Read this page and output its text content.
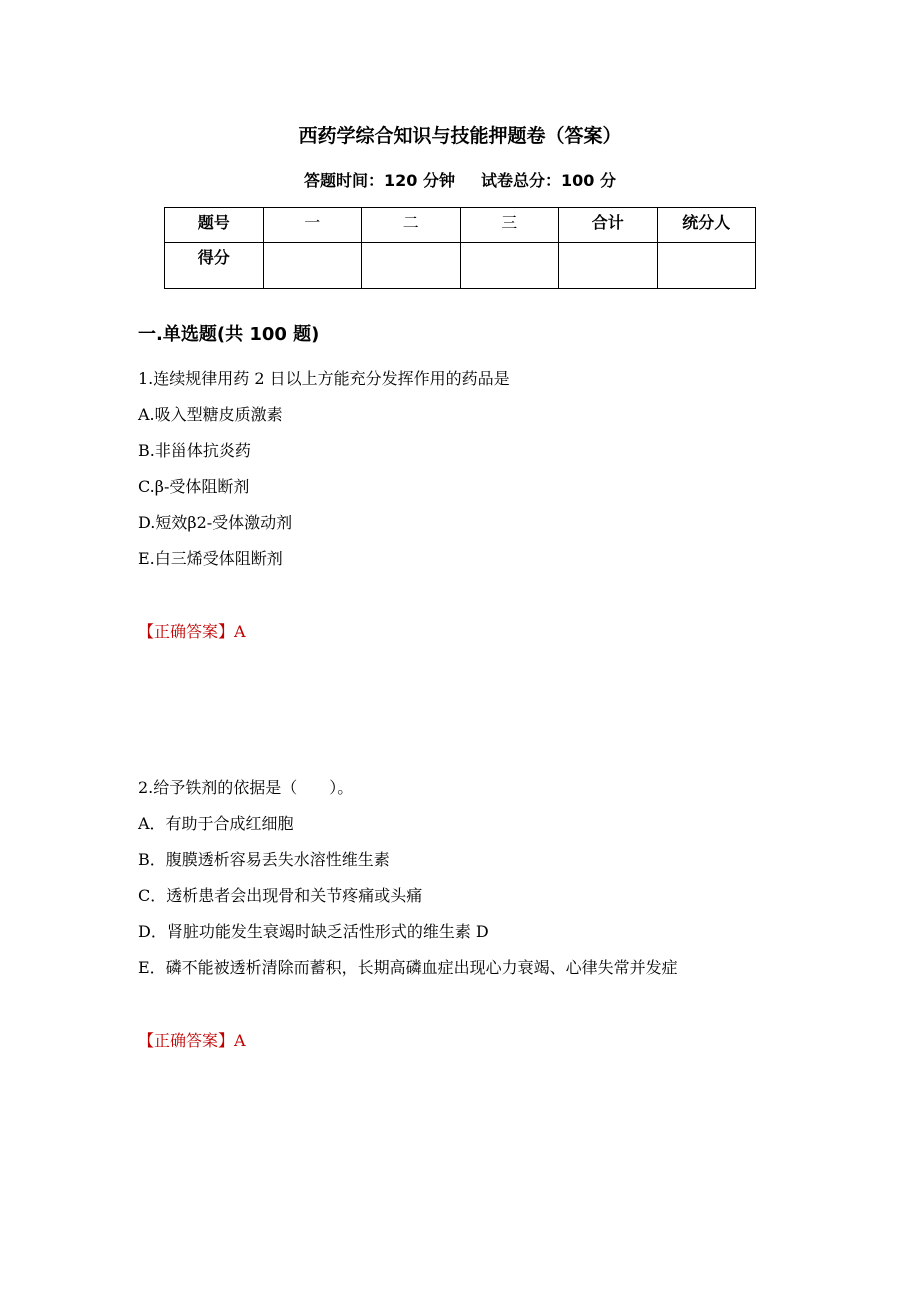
西药学综合知识与技能押题卷（答案）
答题时间：120 分钟 试卷总分：100 分
题号	一	二	三	合计	统分人
得分					
一.单选题(共 100 题)
1.连续规律用药 2 日以上方能充分发挥作用的药品是
A.吸入型糖皮质激素
B.非甾体抗炎药
C.β-受体阻断剂
D.短效β2-受体激动剂
E.白三烯受体阻断剂
【正确答案】A
2.给予铁剂的依据是（　　）。
A．有助于合成红细胞
B．腹膜透析容易丢失水溶性维生素
C．透析患者会出现骨和关节疼痛或头痛
D．肾脏功能发生衰竭时缺乏活性形式的维生素 D
E．磷不能被透析清除而蓄积，长期高磷血症出现心力衰竭、心律失常并发症
【正确答案】A
